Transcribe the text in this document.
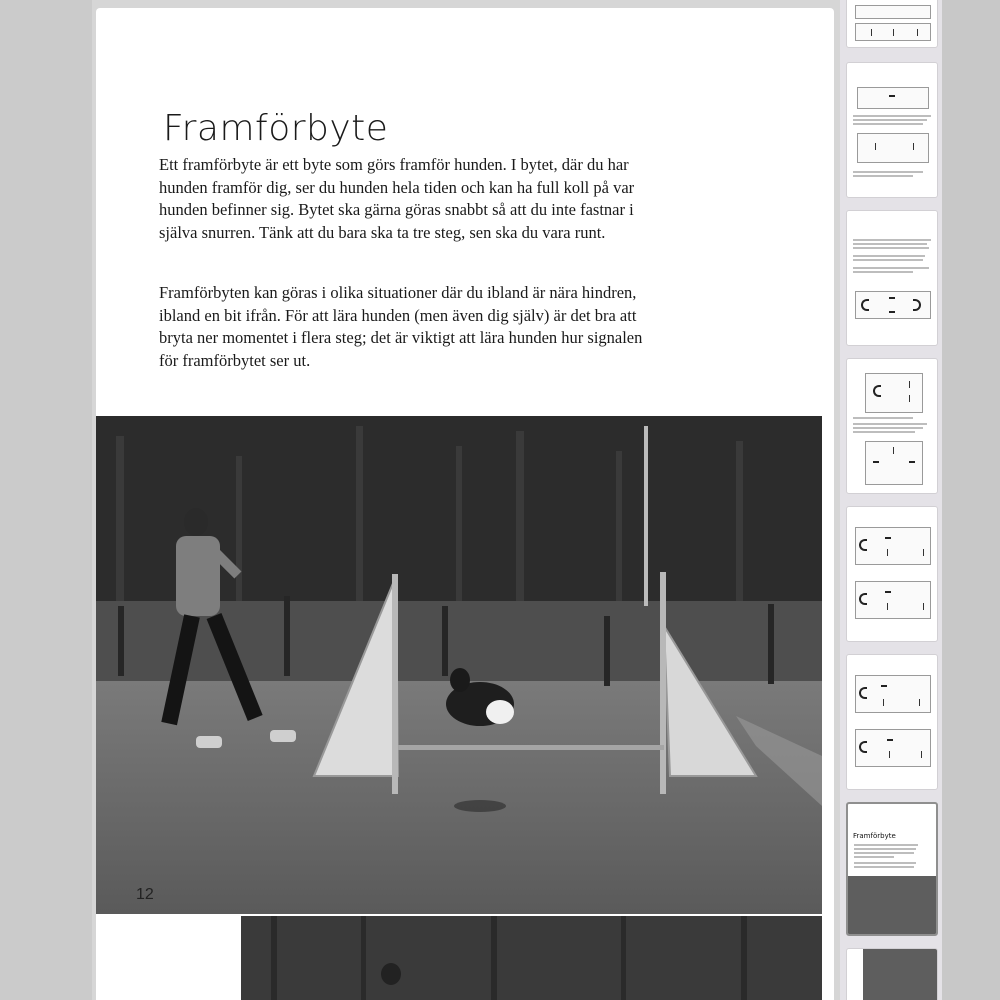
Framförbyte

Ett framförbyte är ett byte som görs framför hunden. I bytet, där du har hunden framför dig, ser du hunden hela tiden och kan ha full koll på var hunden befinner sig. Bytet ska gärna göras snabbt så att du inte fastnar i själva snurren. Tänk att du bara ska ta tre steg, sen ska du vara runt.

Framförbyten kan göras i olika situationer där du ibland är nära hindren, ibland en bit ifrån. För att lära hunden (men även dig själv) är det bra att bryta ner momentet i flera steg; det är viktigt att lära hunden hur signalen för framförbytet ser ut.

12
Framförbyte
